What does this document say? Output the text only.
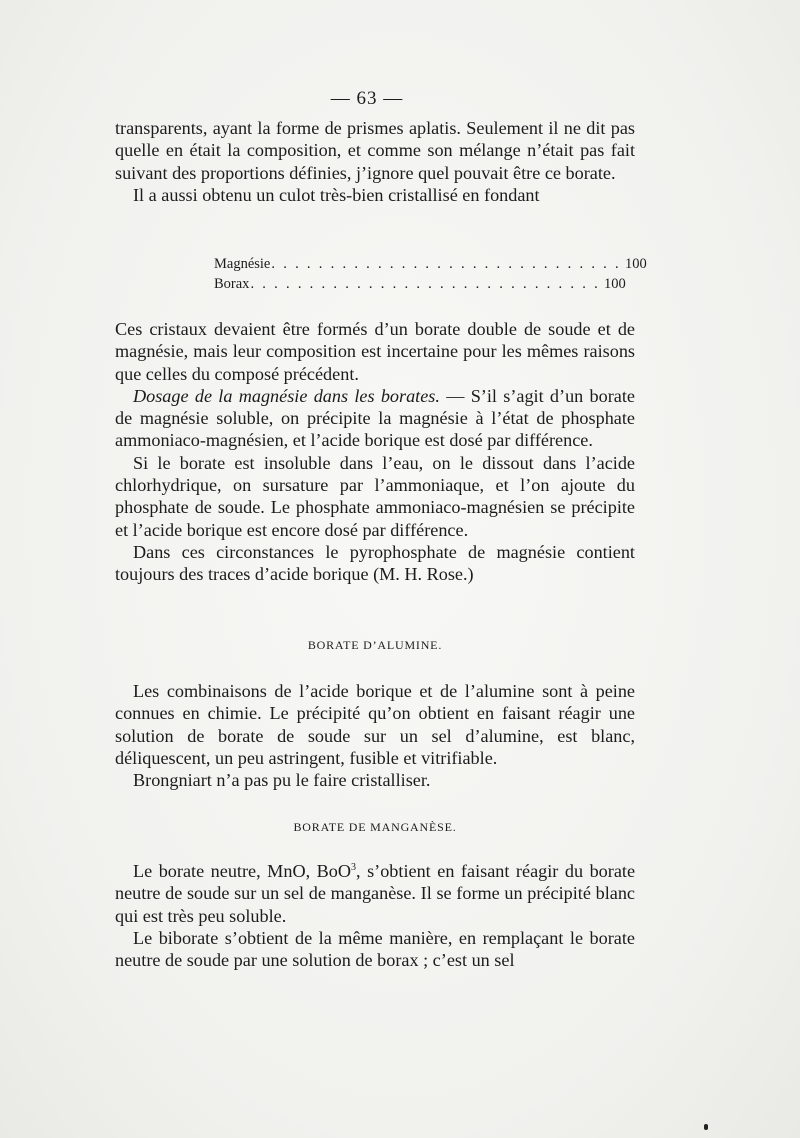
— 63 —

transparents, ayant la forme de prismes aplatis. Seulement il ne dit pas quelle en était la composition, et comme son mélange n’était pas fait suivant des proportions définies, j’ignore quel pouvait être ce borate.

Il a aussi obtenu un culot très-bien cristallisé en fondant

Magnésie . . . . . . . . . . . . . . . . . . . . . . . . . . . . . . 100
Borax . . . . . . . . . . . . . . . . . . . . . . . . . . . . . . 100

Ces cristaux devaient être formés d’un borate double de soude et de magnésie, mais leur composition est incertaine pour les mêmes raisons que celles du composé précédent.

Dosage de la magnésie dans les borates. — S’il s’agit d’un borate de magnésie soluble, on précipite la magnésie à l’état de phosphate ammoniaco-magnésien, et l’acide borique est dosé par différence.

Si le borate est insoluble dans l’eau, on le dissout dans l’acide chlorhydrique, on sursature par l’ammoniaque, et l’on ajoute du phosphate de soude. Le phosphate ammoniaco-magnésien se précipite et l’acide borique est encore dosé par différence.

Dans ces circonstances le pyrophosphate de magnésie contient toujours des traces d’acide borique (M. H. Rose.)

BORATE D’ALUMINE.

Les combinaisons de l’acide borique et de l’alumine sont à peine connues en chimie. Le précipité qu’on obtient en faisant réagir une solution de borate de soude sur un sel d’alumine, est blanc, déliquescent, un peu astringent, fusible et vitrifiable.

Brongniart n’a pas pu le faire cristalliser.

BORATE DE MANGANÈSE.

Le borate neutre, MnO, BoO$^3$, s’obtient en faisant réagir du borate neutre de soude sur un sel de manganèse. Il se forme un précipité blanc qui est très peu soluble.

Le biborate s’obtient de la même manière, en remplaçant le borate neutre de soude par une solution de borax ; c’est un sel
